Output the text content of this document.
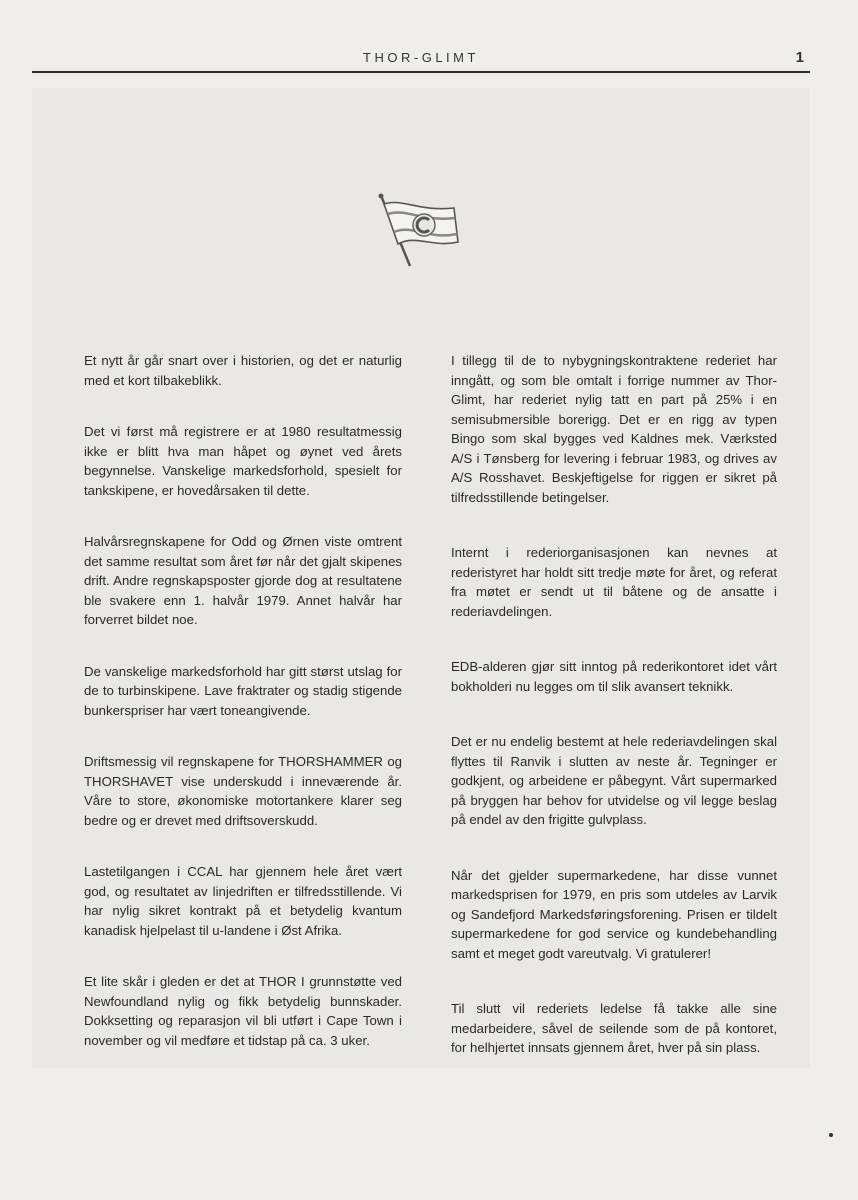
THOR-GLIMT	1

Et nytt år går snart over i historien, og det er naturlig med et kort tilbakeblikk.

Det vi først må registrere er at 1980 resultatmessig ikke er blitt hva man håpet og øynet ved årets begynnelse. Vanskelige markedsforhold, spesielt for tankskipene, er hovedårsaken til dette.

Halvårsregnskapene for Odd og Ørnen viste omtrent det samme resultat som året før når det gjalt skipenes drift. Andre regnskapsposter gjorde dog at resultatene ble svakere enn 1. halvår 1979. Annet halvår har forverret bildet noe.

De vanskelige markedsforhold har gitt størst utslag for de to turbinskipene. Lave fraktrater og stadig stigende bunkerspriser har vært toneangivende.

Driftsmessig vil regnskapene for THORSHAMMER og THORSHAVET vise underskudd i inneværende år. Våre to store, økonomiske motortankere klarer seg bedre og er drevet med driftsoverskudd.

Lastetilgangen i CCAL har gjennem hele året vært god, og resultatet av linjedriften er tilfredsstillende. Vi har nylig sikret kontrakt på et betydelig kvantum kanadisk hjelpelast til u-landene i Øst Afrika.

Et lite skår i gleden er det at THOR I grunnstøtte ved Newfoundland nylig og fikk betydelig bunnskader. Dokksetting og reparasjon vil bli utført i Cape Town i november og vil medføre et tidstap på ca. 3 uker.

I tillegg til de to nybygningskontraktene rederiet har inngått, og som ble omtalt i forrige nummer av Thor-Glimt, har rederiet nylig tatt en part på 25% i en semisubmersible borerigg. Det er en rigg av typen Bingo som skal bygges ved Kaldnes mek. Værksted A/S i Tønsberg for levering i februar 1983, og drives av A/S Rosshavet. Beskjeftigelse for riggen er sikret på tilfredsstillende betingelser.

Internt i rederiorganisasjonen kan nevnes at rederistyret har holdt sitt tredje møte for året, og referat fra møtet er sendt ut til båtene og de ansatte i rederiavdelingen.

EDB-alderen gjør sitt inntog på rederikontoret idet vårt bokholderi nu legges om til slik avansert teknikk.

Det er nu endelig bestemt at hele rederiavdelingen skal flyttes til Ranvik i slutten av neste år. Tegninger er godkjent, og arbeidene er påbegynt. Vårt supermarked på bryggen har behov for utvidelse og vil legge beslag på endel av den frigitte gulvplass.

Når det gjelder supermarkedene, har disse vunnet markedsprisen for 1979, en pris som utdeles av Larvik og Sandefjord Markedsføringsforening. Prisen er tildelt supermarkedene for god service og kundebehandling samt et meget godt vareutvalg. Vi gratulerer!

Til slutt vil rederiets ledelse få takke alle sine medarbeidere, såvel de seilende som de på kontoret, for helhjertet innsats gjennem året, hver på sin plass.
